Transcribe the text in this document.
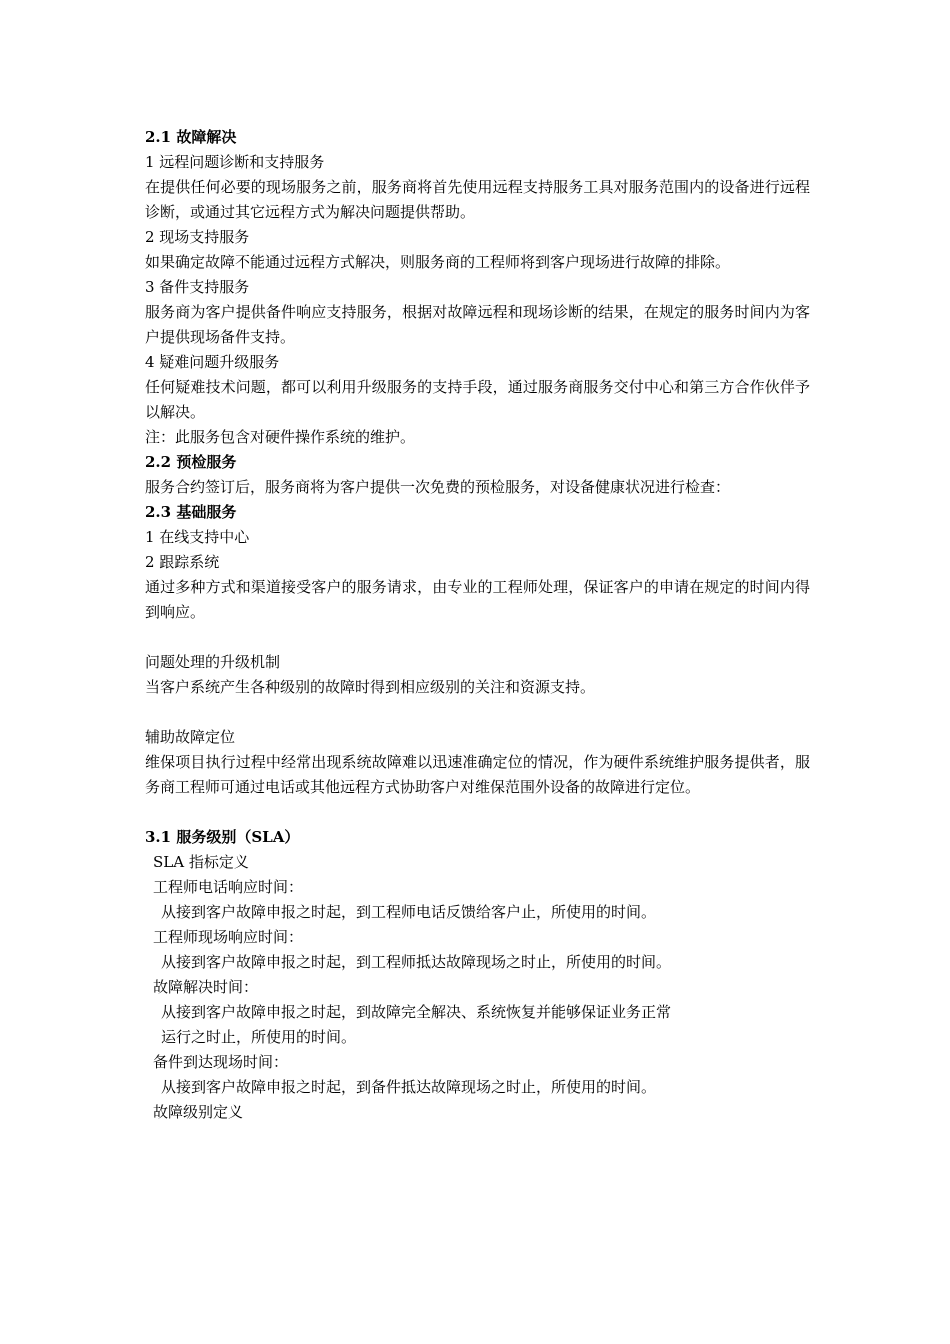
2.1 故障解决
1 远程问题诊断和支持服务
在提供任何必要的现场服务之前，服务商将首先使用远程支持服务工具对服务范围内的设备进行远程诊断，或通过其它远程方式为解决问题提供帮助。
2 现场支持服务
如果确定故障不能通过远程方式解决，则服务商的工程师将到客户现场进行故障的排除。
3 备件支持服务
服务商为客户提供备件响应支持服务，根据对故障远程和现场诊断的结果，在规定的服务时间内为客户提供现场备件支持。
4 疑难问题升级服务
任何疑难技术问题，都可以利用升级服务的支持手段，通过服务商服务交付中心和第三方合作伙伴予以解决。
注：此服务包含对硬件操作系统的维护。
2.2 预检服务
服务合约签订后，服务商将为客户提供一次免费的预检服务，对设备健康状况进行检查：
2.3 基础服务
1 在线支持中心
2 跟踪系统
通过多种方式和渠道接受客户的服务请求，由专业的工程师处理，保证客户的申请在规定的时间内得到响应。
问题处理的升级机制
当客户系统产生各种级别的故障时得到相应级别的关注和资源支持。
辅助故障定位
维保项目执行过程中经常出现系统故障难以迅速准确定位的情况，作为硬件系统维护服务提供者，服务商工程师可通过电话或其他远程方式协助客户对维保范围外设备的故障进行定位。
3.1 服务级别（SLA）
SLA 指标定义
工程师电话响应时间：
从接到客户故障申报之时起，到工程师电话反馈给客户止，所使用的时间。
工程师现场响应时间：
从接到客户故障申报之时起，到工程师抵达故障现场之时止，所使用的时间。
故障解决时间：
从接到客户故障申报之时起，到故障完全解决、系统恢复并能够保证业务正常
运行之时止，所使用的时间。
备件到达现场时间：
从接到客户故障申报之时起，到备件抵达故障现场之时止，所使用的时间。
故障级别定义
